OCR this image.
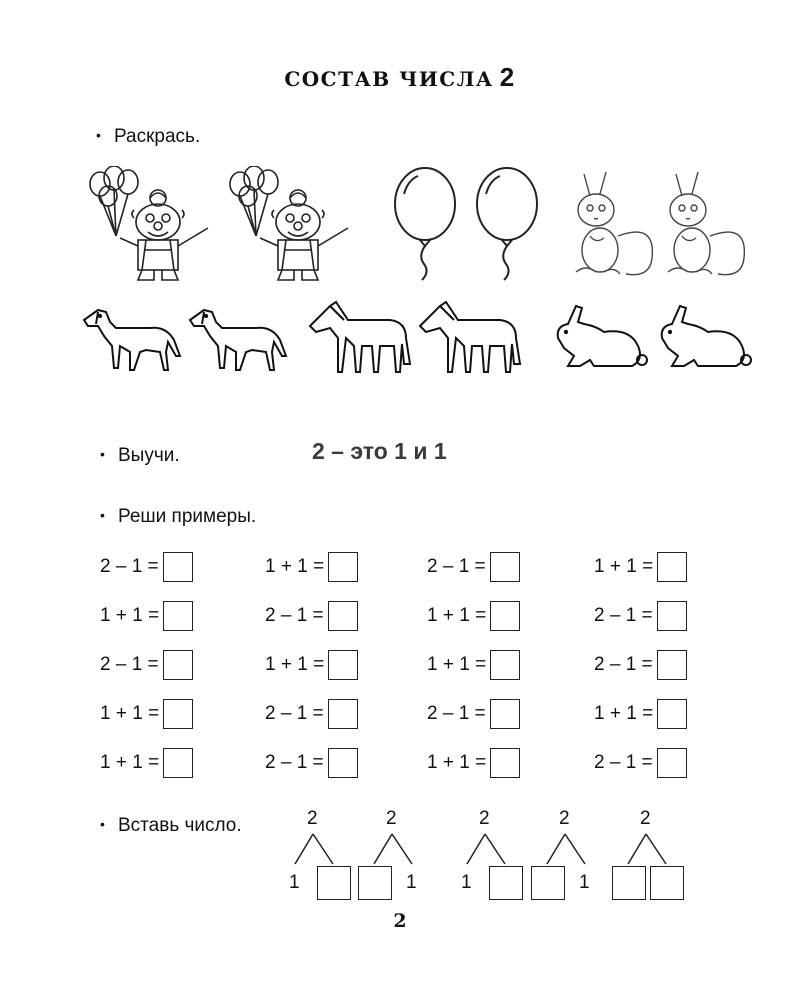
СОСТАВ ЧИСЛА 2
• Раскрась.
• Выучи.	2 – это 1 и 1
• Реши примеры.
2 – 1 =	1 + 1 =	2 – 1 =	1 + 1 =
1 + 1 =	2 – 1 =	1 + 1 =	2 – 1 =
2 – 1 =	1 + 1 =	1 + 1 =	2 – 1 =
1 + 1 =	2 – 1 =	2 – 1 =	1 + 1 =
1 + 1 =	2 – 1 =	1 + 1 =	2 – 1 =
• Вставь число.	2
1
2
1
2
1
2
1
2
2
